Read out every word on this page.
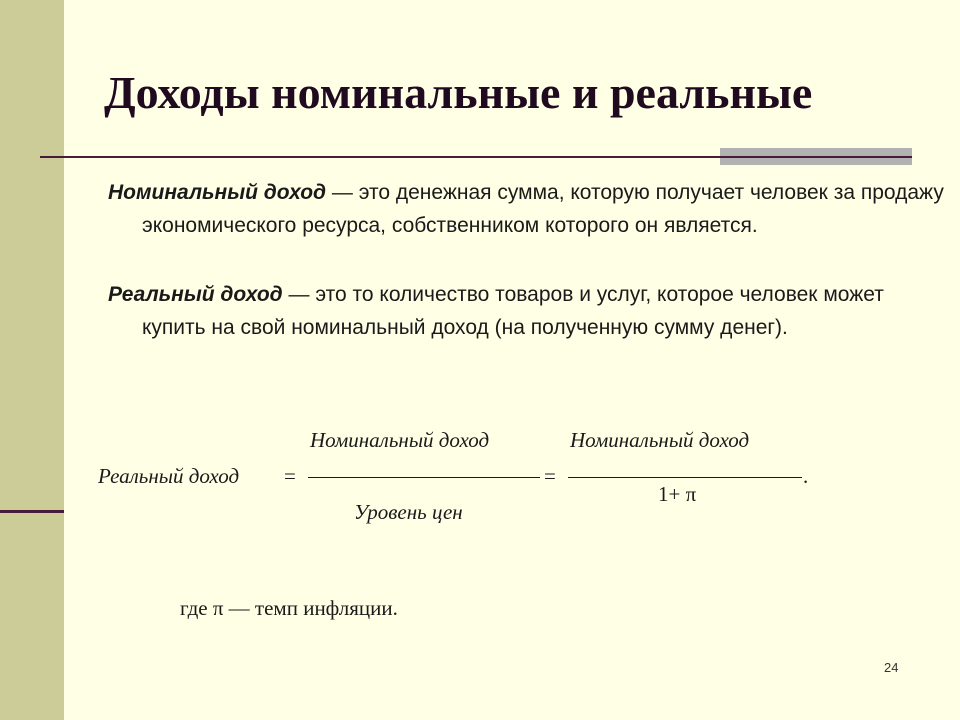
Доходы номинальные и реальные
Номинальный доход — это денежная сумма, которую получает человек за продажу экономического ресурса, собственником которого он является.
Реальный доход — это то количество товаров и услуг, которое человек может купить на свой номинальный доход (на полученную сумму денег).
Реальный доход =
Номинальный доход
Уровень цен
=
Номинальный доход
1+ π
.
где π — темп инфляции.
24
